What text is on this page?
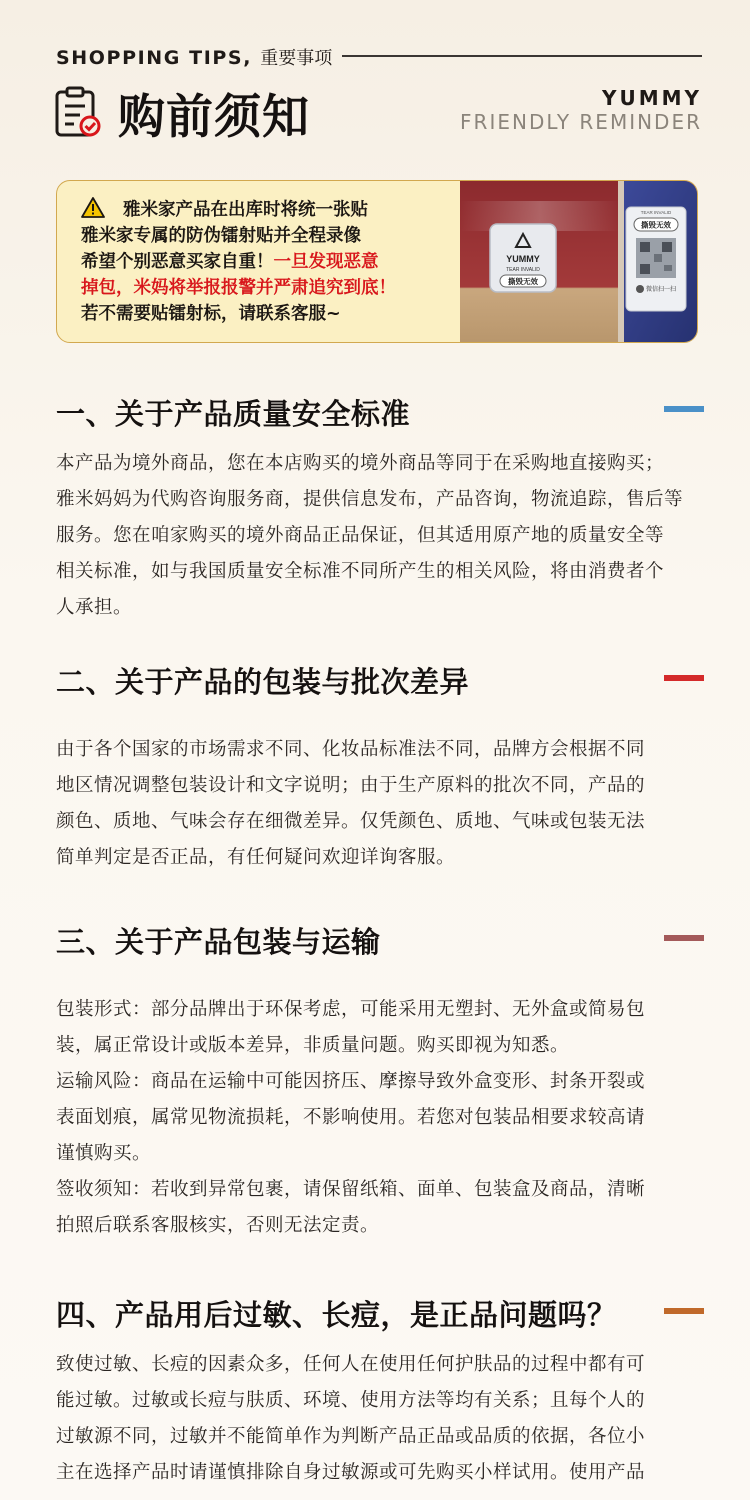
SHOPPING TIPS, 重要事项
购前须知	YUMMY
FRIENDLY REMINDER
雅米家产品在出库时将统一张贴
雅米家专属的防伪镭射贴并全程录像
希望个别恶意买家自重！一旦发现恶意
掉包，米妈将举报报警并严肃追究到底！
若不需要贴镭射标，请联系客服~
YUMMY
TEAR INVALID
撕毁无效
TEAR INVALID
撕毁无效
微信扫一扫
一、关于产品质量安全标准

本产品为境外商品，您在本店购买的境外商品等同于在采购地直接购买；

雅米妈妈为代购咨询服务商，提供信息发布，产品咨询，物流追踪，售后等

服务。您在咱家购买的境外商品正品保证，但其适用原产地的质量安全等

相关标准，如与我国质量安全标准不同所产生的相关风险，将由消费者个

人承担。

二、关于产品的包装与批次差异

由于各个国家的市场需求不同、化妆品标准法不同，品牌方会根据不同

地区情况调整包装设计和文字说明；由于生产原料的批次不同，产品的

颜色、质地、气味会存在细微差异。仅凭颜色、质地、气味或包装无法

简单判定是否正品，有任何疑问欢迎详询客服。

三、关于产品包装与运输

包装形式：部分品牌出于环保考虑，可能采用无塑封、无外盒或简易包

装，属正常设计或版本差异，非质量问题。购买即视为知悉。

运输风险：商品在运输中可能因挤压、摩擦导致外盒变形、封条开裂或

表面划痕，属常见物流损耗，不影响使用。若您对包装品相要求较高请

谨慎购买。

签收须知：若收到异常包裹，请保留纸箱、面单、包装盒及商品，清晰

拍照后联系客服核实，否则无法定责。

四、产品用后过敏、长痘，是正品问题吗？

致使过敏、长痘的因素众多，任何人在使用任何护肤品的过程中都有可

能过敏。过敏或长痘与肤质、环境、使用方法等均有关系；且每个人的

过敏源不同，过敏并不能简单作为判断产品正品或品质的依据，各位小

主在选择产品时请谨慎排除自身过敏源或可先购买小样试用。使用产品
